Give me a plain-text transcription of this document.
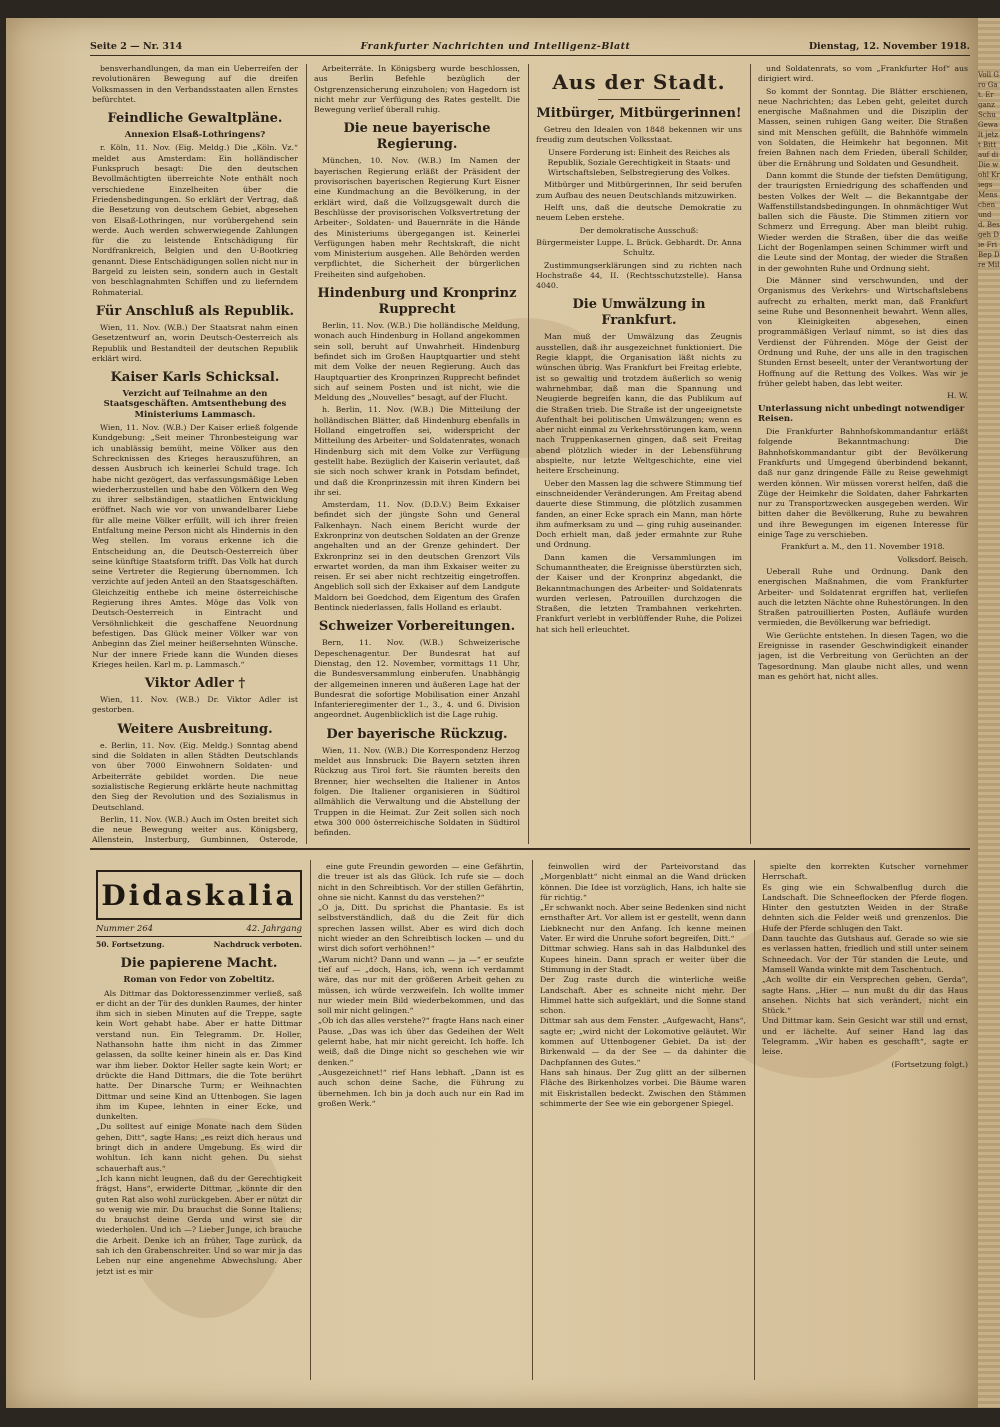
Seite 2 — Nr. 314	Frankfurter Nachrichten und Intelligenz-Blatt	Dienstag, 12. November 1918.

bensverhandlungen, da man ein Ueberreifen der revolutionären Bewegung auf die dreifen Volksmassen in den Verbandsstaaten allen Ernstes befürchtet.

Feindliche Gewaltpläne.
Annexion Elsaß-Lothringens?

r. Köln, 11. Nov. (Eig. Meldg.) Die „Köln. Vz.“ meldet aus Amsterdam: Ein holländischer Funkspruch besagt: Die den deutschen Bevollmächtigten überreichte Note enthält noch verschiedene Einzelheiten über die Friedensbedingungen. So erklärt der Vertrag, daß die Besetzung von deutschem Gebiet, abgesehen von Elsaß-Lothringen, nur vorübergehend sein werde. Auch werden schwerwiegende Zahlungen für die zu leistende Entschädigung für Nordfrankreich, Belgien und den U-Bootkrieg genannt. Diese Entschädigungen sollen nicht nur in Bargeld zu leisten sein, sondern auch in Gestalt von beschlagnahmten Schiffen und zu lieferndem Rohmaterial.

Für Anschluß als Republik.

Wien, 11. Nov. (W.B.) Der Staatsrat nahm einen Gesetzentwurf an, worin Deutsch-Oesterreich als Republik und Bestandteil der deutschen Republik erklärt wird.

Kaiser Karls Schicksal.
Verzicht auf Teilnahme an den Staatsgeschäften. Amtsenthebung des Ministeriums Lammasch.

Wien, 11. Nov. (W.B.) Der Kaiser erließ folgende Kundgebung: „Seit meiner Thronbesteigung war ich unablässig bemüht, meine Völker aus den Schrecknissen des Krieges herauszuführen, an dessen Ausbruch ich keinerlei Schuld trage. Ich habe nicht gezögert, das verfassungsmäßige Leben wiederherzustellen und habe den Völkern den Weg zu ihrer selbständigen, staatlichen Entwicklung eröffnet. Nach wie vor von unwandelbarer Liebe für alle meine Völker erfüllt, will ich ihrer freien Entfaltung meine Person nicht als Hindernis in den Weg stellen. Im voraus erkenne ich die Entscheidung an, die Deutsch-Oesterreich über seine künftige Staatsform trifft. Das Volk hat durch seine Vertreter die Regierung übernommen. Ich verzichte auf jeden Anteil an den Staatsgeschäften. Gleichzeitig enthebe ich meine österreichische Regierung ihres Amtes. Möge das Volk von Deutsch-Oesterreich in Eintracht und Versöhnlichkeit die geschaffene Neuordnung befestigen. Das Glück meiner Völker war von Anbeginn das Ziel meiner heißersehnten Wünsche. Nur der innere Friede kann die Wunden dieses Krieges heilen. Karl m. p. Lammasch.“

Viktor Adler †

Wien, 11. Nov. (W.B.) Dr. Viktor Adler ist gestorben.

Weitere Ausbreitung.

e. Berlin, 11. Nov. (Eig. Meldg.) Sonntag abend sind die Soldaten in allen Städten Deutschlands von über 7000 Einwohnern Soldaten- und Arbeiterräte gebildet worden. Die neue sozialistische Regierung erklärte heute nachmittag den Sieg der Revolution und des Sozialismus in Deutschland.

Berlin, 11. Nov. (W.B.) Auch im Osten breitet sich die neue Bewegung weiter aus. Königsberg, Allenstein, Insterburg, Gumbinnen, Osterode,

Arbeiterräte. In Königsberg wurde beschlossen, aus Berlin Befehle bezüglich der Ostgrenzensicherung einzuholen; von Hagedorn ist nicht mehr zur Verfügung des Rates gestellt. Die Bewegung verlief überall ruhig.

Die neue bayerische Regierung.

München, 10. Nov. (W.B.) Im Namen der bayerischen Regierung erläßt der Präsident der provisorischen bayerischen Regierung Kurt Eisner eine Kundmachung an die Bevölkerung, in der erklärt wird, daß die Vollzugsgewalt durch die Beschlüsse der provisorischen Volksvertretung der Arbeiter-, Soldaten- und Bauernräte in die Hände des Ministeriums übergegangen ist. Keinerlei Verfügungen haben mehr Rechtskraft, die nicht vom Ministerium ausgehen. Alle Behörden werden verpflichtet, die Sicherheit der bürgerlichen Freiheiten sind aufgehoben.

Hindenburg und Kronprinz Rupprecht

Berlin, 11. Nov. (W.B.) Die holländische Meldung, wonach auch Hindenburg in Holland angekommen sein soll, beruht auf Unwahrheit. Hindenburg befindet sich im Großen Hauptquartier und steht mit dem Volke der neuen Regierung. Auch das Hauptquartier des Kronprinzen Rupprecht befindet sich auf seinem Posten und ist nicht, wie die Meldung des „Nouvelles“ besagt, auf der Flucht.

h. Berlin, 11. Nov. (W.B.) Die Mitteilung der holländischen Blätter, daß Hindenburg ebenfalls in Holland eingetroffen sei, widerspricht der Mitteilung des Arbeiter- und Soldatenrates, wonach Hindenburg sich mit dem Volke zur Verfügung gestellt habe. Bezüglich der Kaiserin verlautet, daß sie sich noch schwer krank in Potsdam befindet, und daß die Kronprinzessin mit ihren Kindern bei ihr sei.

Amsterdam, 11. Nov. (D.D.V.) Beim Exkaiser befindet sich der jüngste Sohn und General Falkenhayn. Nach einem Bericht wurde der Exkronprinz von deutschen Soldaten an der Grenze angehalten und an der Grenze gehindert. Der Exkronprinz sei in den deutschen Grenzort Vils erwartet worden, da man ihm Exkaiser weiter zu reisen. Er sei aber nicht rechtzeitig eingetroffen. Angeblich soll sich der Exkaiser auf dem Landgute Maldorn bei Goedchod, dem Eigentum des Grafen Bentinck niederlassen, falls Holland es erlaubt.

Schweizer Vorbereitungen.

Bern, 11. Nov. (W.B.) Schweizerische Depeschenagentur. Der Bundesrat hat auf Dienstag, den 12. November, vormittags 11 Uhr, die Bundesversammlung einberufen. Unabhängig der allgemeinen inneren und äußeren Lage hat der Bundesrat die sofortige Mobilisation einer Anzahl Infanterieregimenter der 1., 3., 4. und 6. Division angeordnet. Augenblicklich ist die Lage ruhig.

Der bayerische Rückzug.

Wien, 11. Nov. (W.B.) Die Korrespondenz Herzog meldet aus Innsbruck: Die Bayern setzten ihren Rückzug aus Tirol fort. Sie räumten bereits den Brenner, hier wechselten die Italiener in Antos folgen. Die Italiener organisieren in Südtirol allmählich die Verwaltung und die Abstellung der Truppen in die Heimat. Zur Zeit sollen sich noch etwa 300 000 österreichische Soldaten in Südtirol befinden.

Aus der Stadt.
Mitbürger, Mitbürgerinnen!

Getreu den Idealen von 1848 bekennen wir uns freudig zum deutschen Volksstaat.

Unsere Forderung ist: Einheit des Reiches als Republik, Soziale Gerechtigkeit in Staats- und Wirtschaftsleben, Selbstregierung des Volkes.

Mitbürger und Mitbürgerinnen, Ihr seid berufen zum Aufbau des neuen Deutschlands mitzuwirken.

Helft uns, daß die deutsche Demokratie zu neuem Leben erstehe.

Der demokratische Ausschuß:

Bürgermeister Luppe. L. Brück. Gebhardt. Dr. Anna Schultz.

Zustimmungserklärungen sind zu richten nach Hochstraße 44, II. (Rechtsschutzstelle). Hansa 4040.

Die Umwälzung in Frankfurt.

Man muß der Umwälzung das Zeugnis ausstellen, daß ihr ausgezeichnet funktioniert. Die Regie klappt, die Organisation läßt nichts zu wünschen übrig. Was Frankfurt bei Freitag erlebte, ist so gewaltig und trotzdem äußerlich so wenig wahrnehmbar, daß man die Spannung und Neugierde begreifen kann, die das Publikum auf die Straßen trieb. Die Straße ist der ungeeignetste Aufenthalt bei politischen Umwälzungen; wenn es aber nicht einmal zu Verkehrsstörungen kam, wenn nach Truppenkasernen gingen, daß seit Freitag abend plötzlich wieder in der Lebensführung abspielte, nur letzte Weltgeschichte, eine viel heitere Erscheinung.

Ueber den Massen lag die schwere Stimmung tief einschneidender Veränderungen. Am Freitag abend dauerte diese Stimmung, die plötzlich zusammen fanden, an einer Ecke sprach ein Mann, man hörte ihm aufmerksam zu und — ging ruhig auseinander. Doch erhielt man, daß jeder ermahnte zur Ruhe und Ordnung.

Dann kamen die Versammlungen im Schumanntheater, die Ereignisse überstürzten sich, der Kaiser und der Kronprinz abgedankt, die Bekanntmachungen des Arbeiter- und Soldatenrats wurden verlesen, Patrouillen durchzogen die Straßen, die letzten Trambahnen verkehrten. Frankfurt verlebt in verblüffender Ruhe, die Polizei hat sich hell erleuchtet.

und Soldatenrats, so vom „Frankfurter Hof“ aus dirigiert wird.

So kommt der Sonntag. Die Blätter erschienen, neue Nachrichten; das Leben geht, geleitet durch energische Maßnahmen und die Disziplin der Massen, seinen ruhigen Gang weiter. Die Straßen sind mit Menschen gefüllt, die Bahnhöfe wimmeln von Soldaten, die Heimkehr hat begonnen. Mit freien Bahnen nach dem Frieden, überall Schilder, über die Ernährung und Soldaten und Gesundheit.

Dann kommt die Stunde der tiefsten Demütigung, der traurigsten Erniedrigung des schaffenden und besten Volkes der Welt — die Bekanntgabe der Waffenstillstandsbedingungen. In ohnmächtiger Wut ballen sich die Fäuste. Die Stimmen zitiern vor Schmerz und Erregung. Aber man bleibt ruhig. Wieder werden die Straßen, über die das weiße Licht der Bogenlampen seinen Schimmer wirft und die Leute sind der Montag, der wieder die Straßen in der gewohnten Ruhe und Ordnung sieht.

Die Männer sind verschwunden, und der Organismus des Verkehrs- und Wirtschaftslebens aufrecht zu erhalten, merkt man, daß Frankfurt seine Ruhe und Besonnenheit bewahrt. Wenn alles, von Kleinigkeiten abgesehen, einen programmäßigen Verlauf nimmt, so ist dies das Verdienst der Führenden. Möge der Geist der Ordnung und Ruhe, der uns alle in den tragischen Stunden Ernst beseelt, unter der Verantwortung der Hoffnung auf die Rettung des Volkes. Was wir je früher gelebt haben, das lebt weiter.

H. W.

Unterlassung nicht unbedingt notwendiger Reisen.

Die Frankfurter Bahnhofskommandantur erläßt folgende Bekanntmachung: Die Bahnhofskommandantur gibt der Bevölkerung Frankfurts und Umgegend überbindend bekannt, daß nur ganz dringende Fälle zu Reise gewehmigt werden können. Wir müssen vorerst helfen, daß die Züge der Heimkehr die Soldaten, daher Fahrkarten nur zu Transportzwecken ausgegeben werden. Wir bitten daher die Bevölkerung, Ruhe zu bewahren und ihre Bewegungen im eigenen Interesse für einige Tage zu verschieben.

Frankfurt a. M., den 11. November 1918.

Volksdorf. Beisch.

Ueberall Ruhe und Ordnung. Dank den energischen Maßnahmen, die vom Frankfurter Arbeiter- und Soldatenrat ergriffen hat, verliefen auch die letzten Nächte ohne Ruhestörungen. In den Straßen patrouillierten Posten, Aufläufe wurden vermieden, die Bevölkerung war befriedigt.

Wie Gerüchte entstehen. In diesen Tagen, wo die Ereignisse in rasender Geschwindigkeit einander jagen, ist die Verbreitung von Gerüchten an der Tagesordnung. Man glaube nicht alles, und wenn man es gehört hat, nicht alles.

Didaskalia
Nummer 264	42. Jahrgang
50. Fortsetzung.	Nachdruck verboten.
Die papierene Macht.
Roman von Fedor von Zobeltitz.

Als Dittmar das Doktoressenzimmer verließ, saß er dicht an der Tür des dunklen Raumes, der hinter ihm sich in sieben Minuten auf die Treppe, sagte kein Wort gehabt habe. Aber er hatte Dittmar verstand nun. Ein Telegramm. Dr. Holler, Nathansohn hatte ihm nicht in das Zimmer gelassen, da sollte keiner hinein als er. Das Kind war ihm lieber. Doktor Heller sagte kein Wort; er drückte die Hand Dittmars, die die Tote berührt hatte. Der Dinarsche Turm; er Weihnachten Dittmar und seine Kind an Uttenbogen. Sie lagen ihm im Kupee, lehnten in einer Ecke, und dunkelten.
„Du solltest auf einige Monate nach dem Süden gehen, Ditt“, sagte Hans; „es reizt dich heraus und bringt dich in andere Umgebung. Es wird dir wohltun. Ich kann nicht gehen. Du siehst schauerhaft aus.“
„Ich kann nicht leugnen, daß du der Gerechtigkeit frägst, Hans“, erwiderte Dittmar, „könnte dir den guten Rat also wohl zurückgeben. Aber er nützt dir so wenig wie mir. Du brauchst die Sonne Italiens; du brauchst deine Gerda und wirst sie dir wiederholen. Und ich —? Lieber Junge, ich brauche die Arbeit. Denke ich an früher, Tage zurück, da sah ich den Grabenschreiter. Und so war mir ja das Leben nur eine angenehme Abwechslung. Aber jetzt ist es mir

eine gute Freundin geworden — eine Gefährtin, die treuer ist als das Glück. Ich rufe sie — doch nicht in den Schreibtisch. Vor der stillen Gefährtin, ohne sie nicht. Kannst du das verstehen?“
„O ja, Ditt. Du sprichst die Phantasie. Es ist selbstverständlich, daß du die Zeit für dich sprechen lassen willst. Aber es wird dich doch nicht wieder an den Schreibtisch locken — und du wirst dich sofort verhöhnen!“
„Warum nicht? Dann und wann — ja —“ er seufzte tief auf — „doch, Hans, ich, wenn ich verdammt wäre, das nur mit der größeren Arbeit gehen zu müssen, ich würde verzweifeln. Ich wollte immer nur wieder mein Bild wiederbekommen, und das soll mir nicht gelingen.“
„Ob ich das alles verstehe?“ fragte Hans nach einer Pause. „Das was ich über das Gedeihen der Welt gelernt habe, hat mir nicht gereicht. Ich hoffe. Ich weiß, daß die Dinge nicht so geschehen wie wir denken.“
„Ausgezeichnet!“ rief Hans lebhaft. „Dann ist es auch schon deine Sache, die Führung zu übernehmen. Ich bin ja doch auch nur ein Rad im großen Werk.“

feinwollen wird der Parteivorstand das „Morgenblatt“ nicht einmal an die Wand drücken können. Die Idee ist vorzüglich, Hans, ich halte sie für richtig.“
„Er schwankt noch. Aber seine Bedenken sind nicht ernsthafter Art. Vor allem ist er gestellt, wenn dann Liebknecht nur den Anfang. Ich kenne meinen Vater. Er wird die Unruhe sofort begreifen, Ditt.“
Dittmar schwieg. Hans sah in das Halbdunkel des Kupees hinein. Dann sprach er weiter über die Stimmung in der Stadt.
Der Zug raste durch die winterliche weiße Landschaft. Aber es schneite nicht mehr. Der Himmel hatte sich aufgeklärt, und die Sonne stand schon.
Dittmar sah aus dem Fenster. „Aufgewacht, Hans“, sagte er; „wird nicht der Lokomotive geläutet. Wir kommen auf Uttenbogener Gebiet. Da ist der Birkenwald — da der See — da dahinter die Dachpfannen des Gutes.“
Hans sah hinaus. Der Zug glitt an der silbernen Fläche des Birkenholzes vorbei. Die Bäume waren mit Eiskristallen bedeckt. Zwischen den Stämmen schimmerte der See wie ein geborgener Spiegel.

spielte den korrekten Kutscher vornehmer Herrschaft.
Es ging wie ein Schwalbenflug durch die Landschaft. Die Schneeflocken der Pferde flogen. Hinter den gestutzten Weiden in der Straße dehnten sich die Felder weiß und grenzenlos. Die Hufe der Pferde schlugen den Takt.
Dann tauchte das Gutshaus auf. Gerade so wie sie es verlassen hatten, friedlich und still unter seinem Schneedach. Vor der Tür standen die Leute, und Mamsell Wanda winkte mit dem Taschentuch.
„Ach wollte dir ein Versprechen geben, Gerda“, sagte Hans. „Hier — nun mußt du dir das Haus ansehen. Nichts hat sich verändert, nicht ein Stück.“
Und Dittmar kam. Sein Gesicht war still und ernst, und er lächelte. Auf seiner Hand lag das Telegramm. „Wir haben es geschafft“, sagte er leise.

(Fortsetzung folgt.)

Voll Gro Gat. Er ganz Schu Gewalt jetzt Bitt auf di Die wohl Kriegs Menschen und d. Bes geh Die Fri Bep Dre Mil
